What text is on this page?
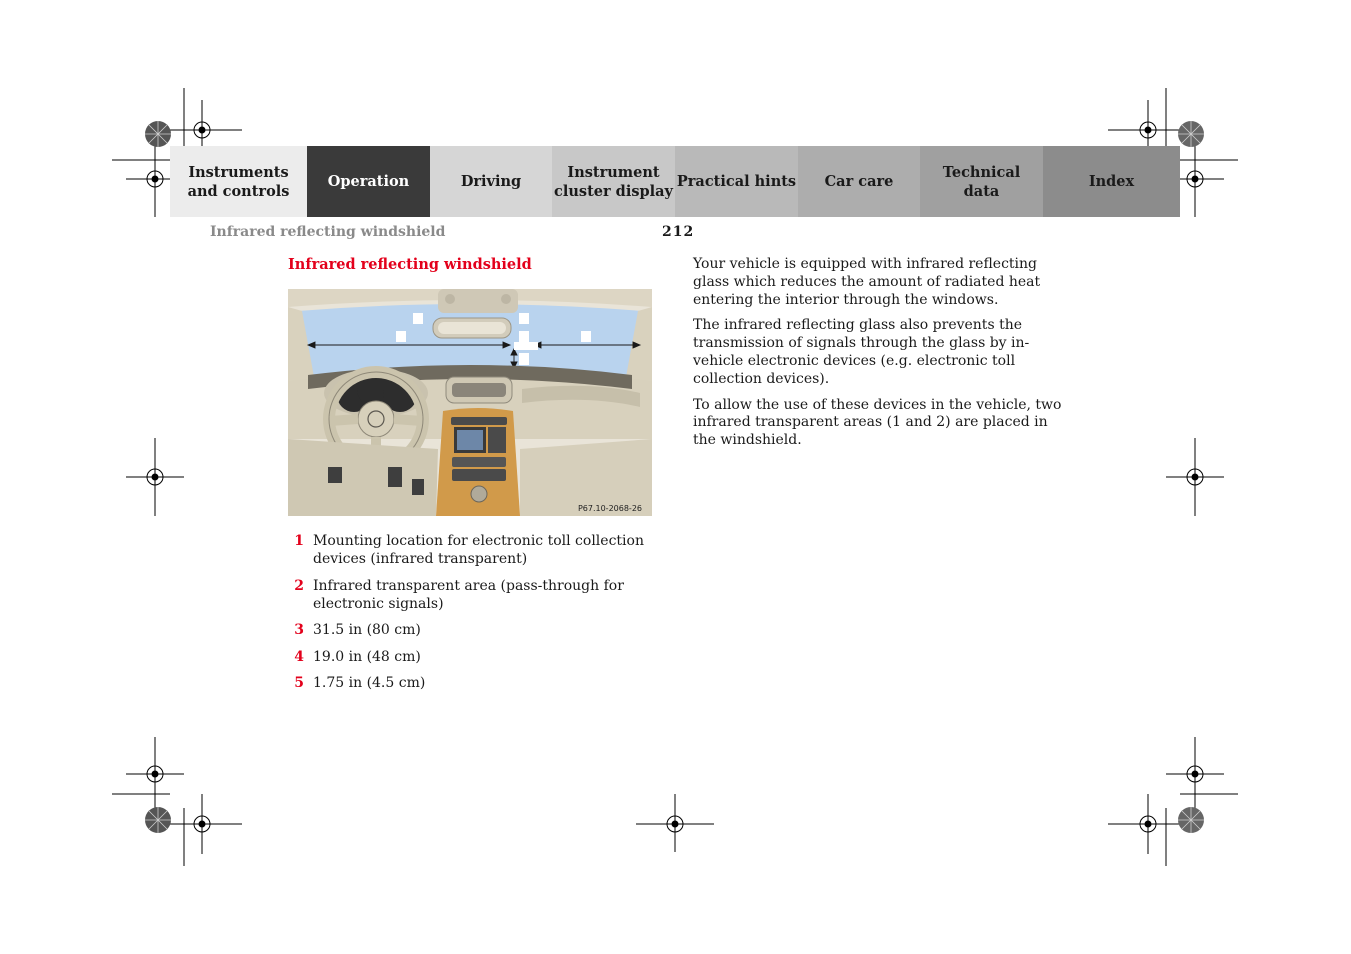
Instruments
and controls
Operation	Driving
Instrument
cluster display
Practical hints Car care
Technical
data
Index
Infrared reflecting windshield	212
Infrared reflecting windshield
P67.10-2068-26
1 Mounting location for electronic toll collection devices (infrared transparent)
2 Infrared transparent area (pass-through for electronic signals)
3 31.5 in (80 cm)
4 19.0 in (48 cm)
5 1.75 in (4.5 cm)

Your vehicle is equipped with infrared reflecting glass which reduces the amount of radiated heat entering the interior through the windows.

The infrared reflecting glass also prevents the transmission of signals through the glass by in-vehicle electronic devices (e.g. electronic toll collection devices).

To allow the use of these devices in the vehicle, two infrared transparent areas (1 and 2) are placed in the windshield.
